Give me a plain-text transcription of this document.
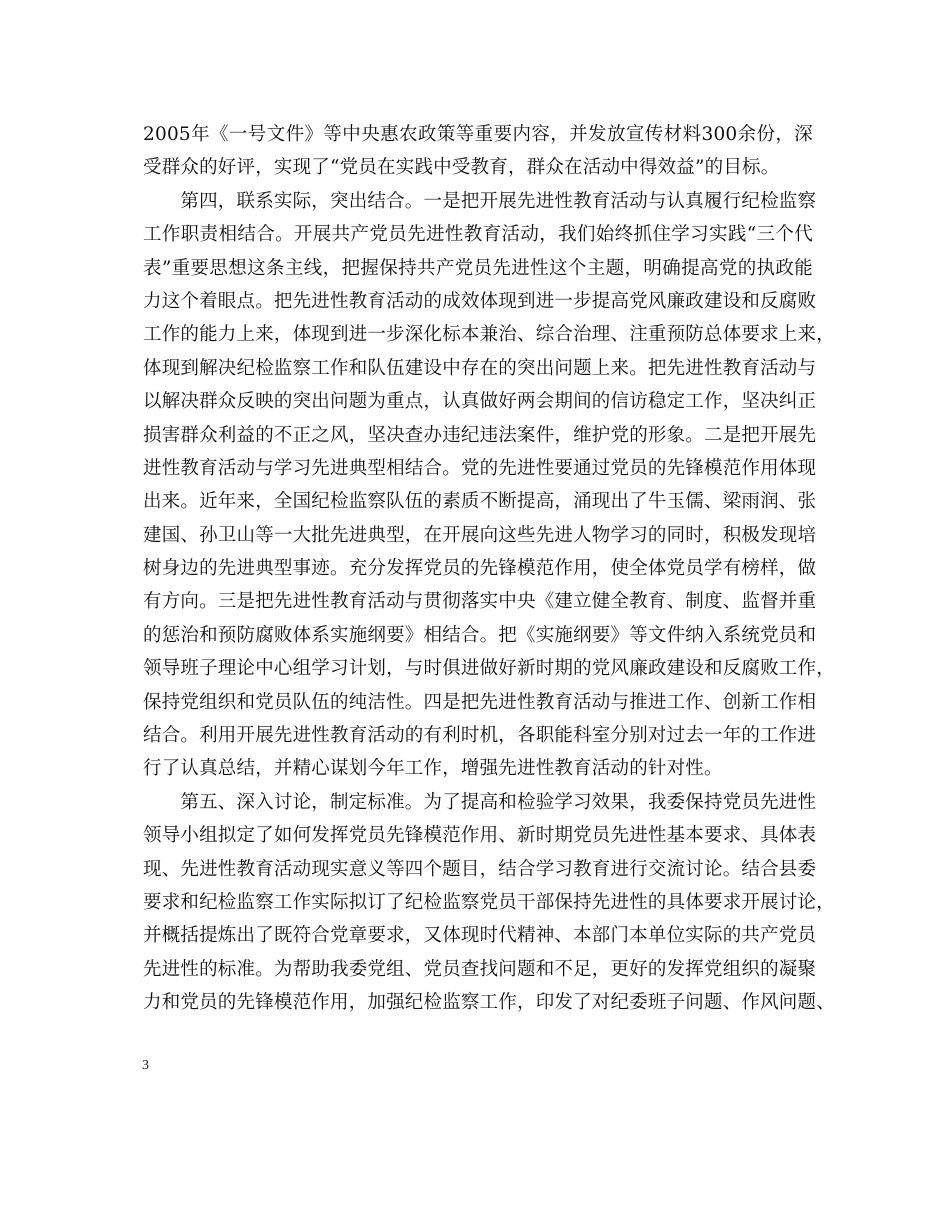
2005年《一号文件》等中央惠农政策等重要内容，并发放宣传材料300余份，深
受群众的好评，实现了“党员在实践中受教育，群众在活动中得效益”的目标。
　　第四，联系实际，突出结合。一是把开展先进性教育活动与认真履行纪检监察
工作职责相结合。开展共产党员先进性教育活动，我们始终抓住学习实践“三个代
表”重要思想这条主线，把握保持共产党员先进性这个主题，明确提高党的执政能
力这个着眼点。把先进性教育活动的成效体现到进一步提高党风廉政建设和反腐败
工作的能力上来，体现到进一步深化标本兼治、综合治理、注重预防总体要求上来，
体现到解决纪检监察工作和队伍建设中存在的突出问题上来。把先进性教育活动与
以解决群众反映的突出问题为重点，认真做好两会期间的信访稳定工作，坚决纠正
损害群众利益的不正之风，坚决查办违纪违法案件，维护党的形象。二是把开展先
进性教育活动与学习先进典型相结合。党的先进性要通过党员的先锋模范作用体现
出来。近年来，全国纪检监察队伍的素质不断提高，涌现出了牛玉儒、梁雨润、张
建国、孙卫山等一大批先进典型，在开展向这些先进人物学习的同时，积极发现培
树身边的先进典型事迹。充分发挥党员的先锋模范作用，使全体党员学有榜样，做
有方向。三是把先进性教育活动与贯彻落实中央《建立健全教育、制度、监督并重
的惩治和预防腐败体系实施纲要》相结合。把《实施纲要》等文件纳入系统党员和
领导班子理论中心组学习计划，与时俱进做好新时期的党风廉政建设和反腐败工作，
保持党组织和党员队伍的纯洁性。四是把先进性教育活动与推进工作、创新工作相
结合。利用开展先进性教育活动的有利时机，各职能科室分别对过去一年的工作进
行了认真总结，并精心谋划今年工作，增强先进性教育活动的针对性。
　　第五、深入讨论，制定标准。为了提高和检验学习效果，我委保持党员先进性
领导小组拟定了如何发挥党员先锋模范作用、新时期党员先进性基本要求、具体表
现、先进性教育活动现实意义等四个题目，结合学习教育进行交流讨论。结合县委
要求和纪检监察工作实际拟订了纪检监察党员干部保持先进性的具体要求开展讨论，
并概括提炼出了既符合党章要求，又体现时代精神、本部门本单位实际的共产党员
先进性的标准。为帮助我委党组、党员查找问题和不足，更好的发挥党组织的凝聚
力和党员的先锋模范作用，加强纪检监察工作，印发了对纪委班子问题、作风问题、
3
